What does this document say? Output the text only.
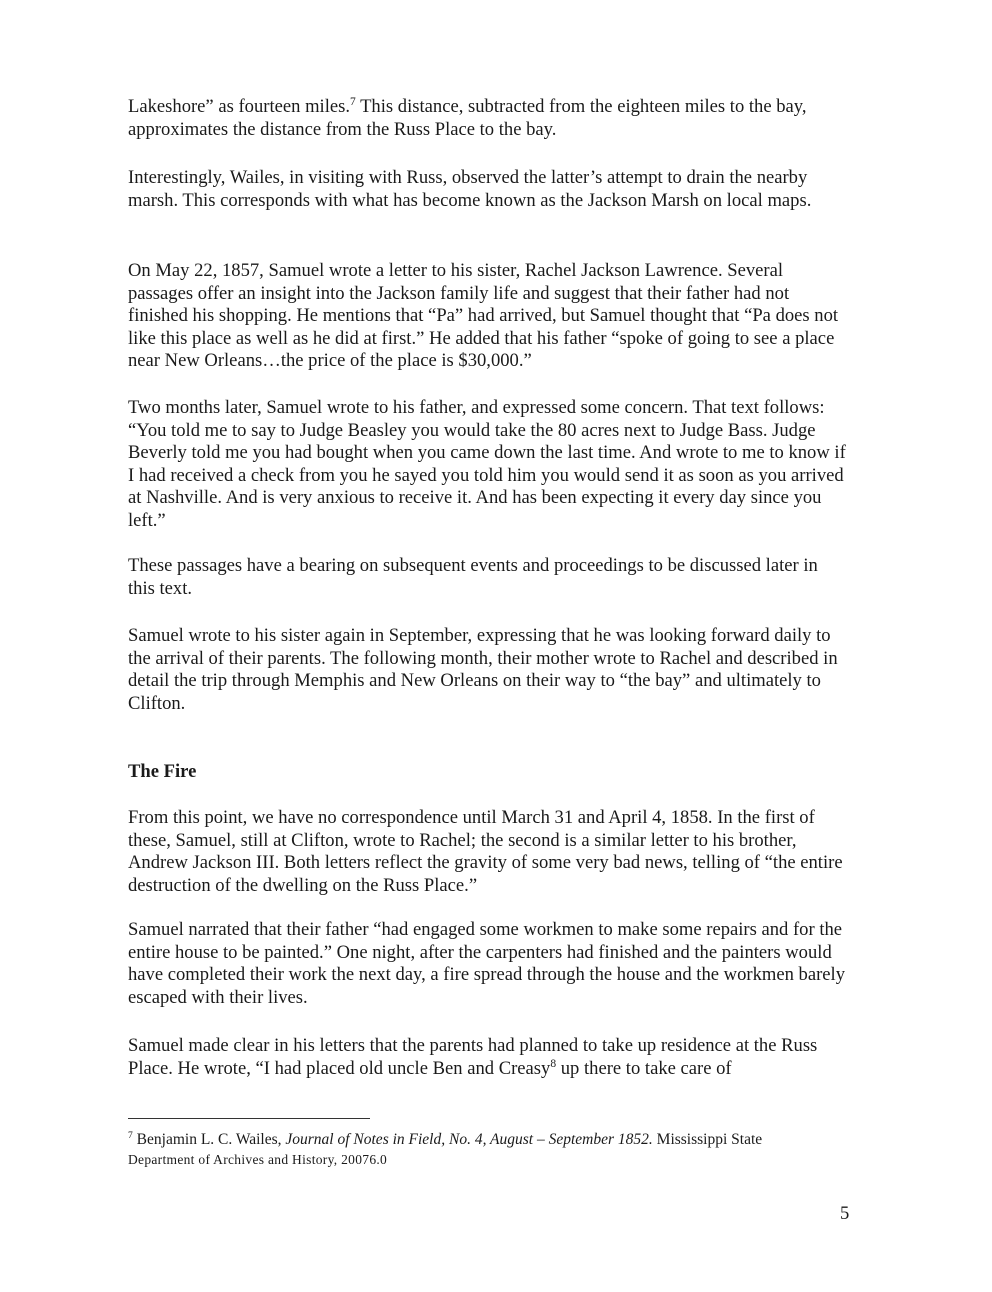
Lakeshore” as fourteen miles.$^7$ This distance, subtracted from the eighteen miles to the bay, approximates the distance from the Russ Place to the bay.

Interestingly, Wailes, in visiting with Russ, observed the latter’s attempt to drain the nearby marsh. This corresponds with what has become known as the Jackson Marsh on local maps.

On May 22, 1857, Samuel wrote a letter to his sister, Rachel Jackson Lawrence. Several passages offer an insight into the Jackson family life and suggest that their father had not finished his shopping. He mentions that “Pa” had arrived, but Samuel thought that “Pa does not like this place as well as he did at first.” He added that his father “spoke of going to see a place near New Orleans…the price of the place is $30,000.”

Two months later, Samuel wrote to his father, and expressed some concern. That text follows: “You told me to say to Judge Beasley you would take the 80 acres next to Judge Bass. Judge Beverly told me you had bought when you came down the last time. And wrote to me to know if I had received a check from you he sayed you told him you would send it as soon as you arrived at Nashville. And is very anxious to receive it. And has been expecting it every day since you left.”

These passages have a bearing on subsequent events and proceedings to be discussed later in this text.

Samuel wrote to his sister again in September, expressing that he was looking forward daily to the arrival of their parents. The following month, their mother wrote to Rachel and described in detail the trip through Memphis and New Orleans on their way to “the bay” and ultimately to Clifton.

The Fire

From this point, we have no correspondence until March 31 and April 4, 1858. In the first of these, Samuel, still at Clifton, wrote to Rachel; the second is a similar letter to his brother, Andrew Jackson III. Both letters reflect the gravity of some very bad news, telling of “the entire destruction of the dwelling on the Russ Place.”

Samuel narrated that their father “had engaged some workmen to make some repairs and for the entire house to be painted.” One night, after the carpenters had finished and the painters would have completed their work the next day, a fire spread through the house and the workmen barely escaped with their lives.

Samuel made clear in his letters that the parents had planned to take up residence at the Russ Place. He wrote, “I had placed old uncle Ben and Creasy$^8$ up there to take care of

$^7$ Benjamin L. C. Wailes, Journal of Notes in Field, No. 4, August – September 1852. Mississippi State
Department of Archives and History, 20076.0

5
